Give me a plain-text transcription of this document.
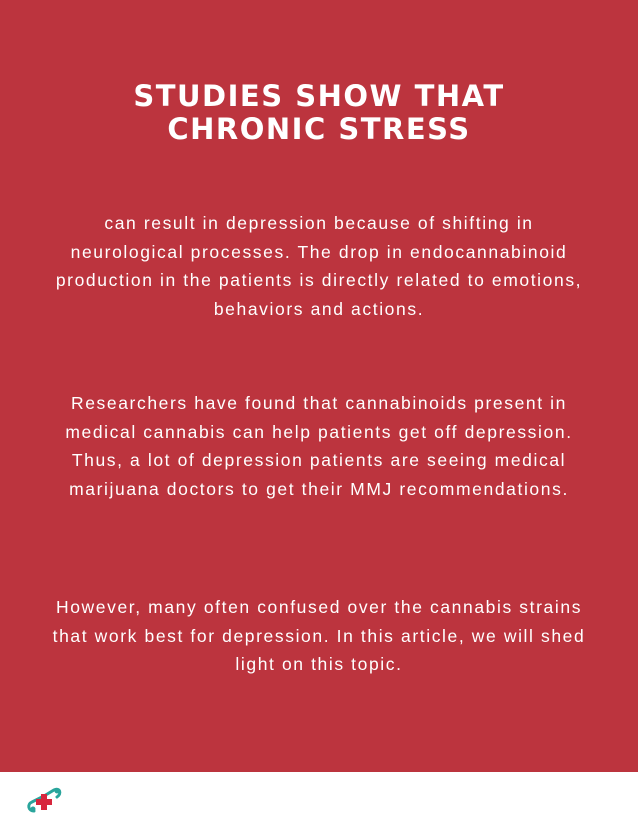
STUDIES SHOW THAT
CHRONIC STRESS

can result in depression because of shifting in neurological processes. The drop in endocannabinoid production in the patients is directly related to emotions, behaviors and actions.

Researchers have found that cannabinoids present in medical cannabis can help patients get off depression. Thus, a lot of depression patients are seeing medical marijuana doctors to get their MMJ recommendations.

However, many often confused over the cannabis strains that work best for depression. In this article, we will shed light on this topic.
